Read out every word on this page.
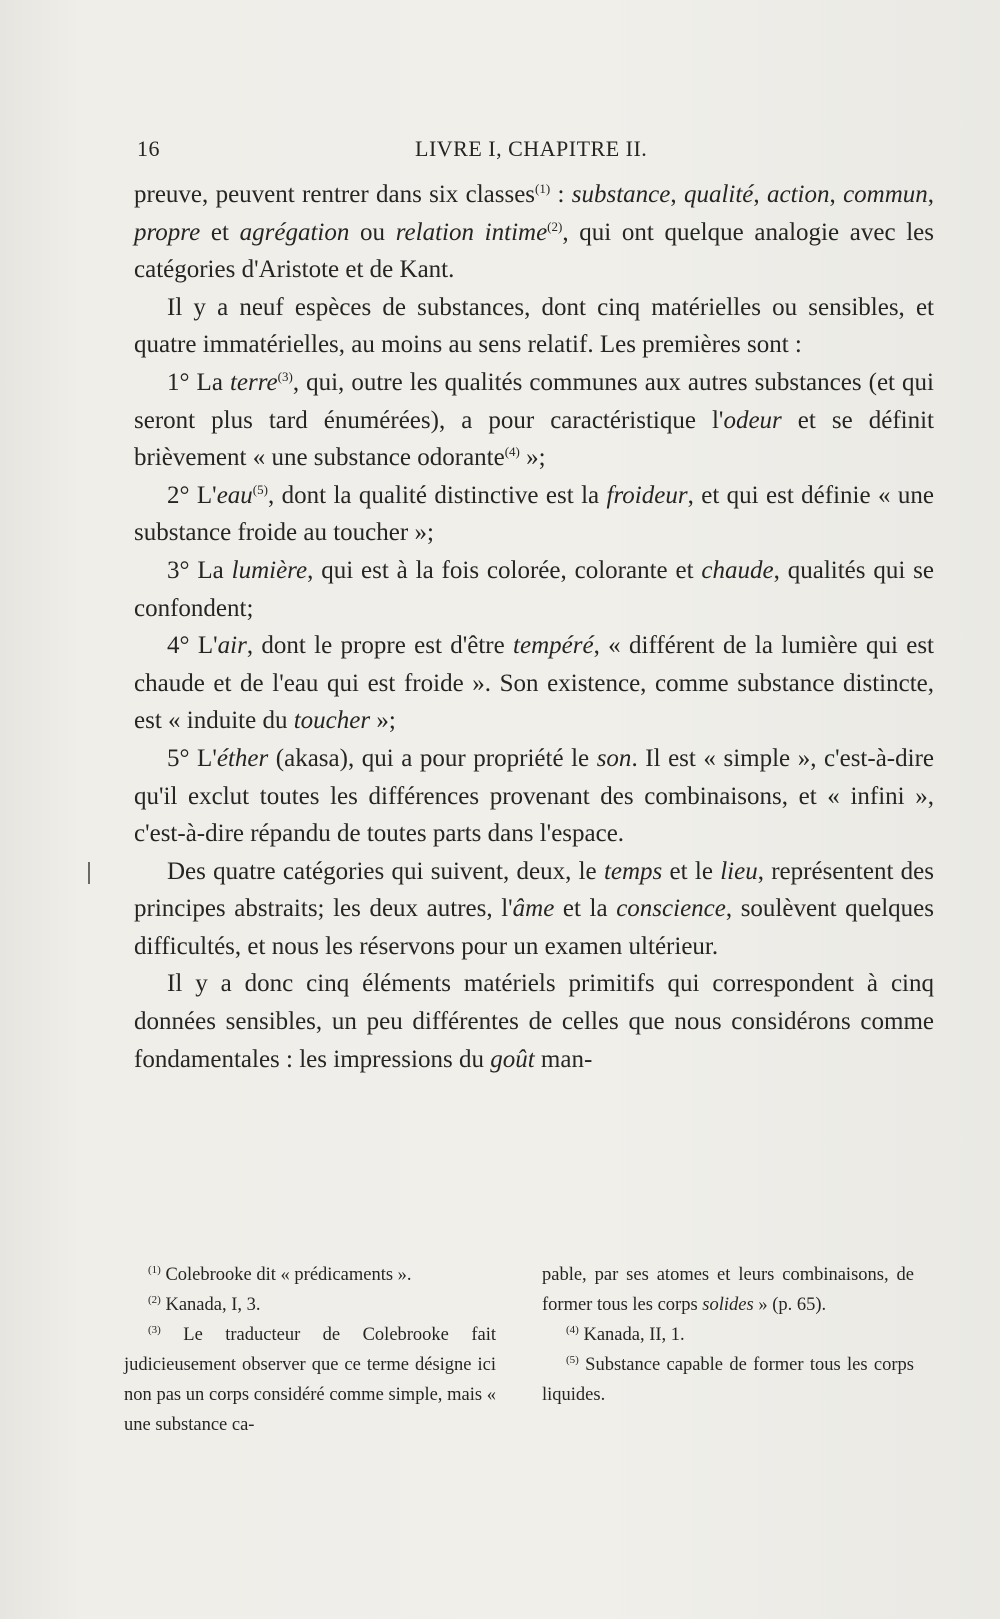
16	LIVRE I, CHAPITRE II.

preuve, peuvent rentrer dans six classes$^{(1)}$ : substance, qualité, action, commun, propre et agrégation ou relation intime$^{(2)}$, qui ont quelque analogie avec les catégories d'Aristote et de Kant.

Il y a neuf espèces de substances, dont cinq matérielles ou sensibles, et quatre immatérielles, au moins au sens relatif. Les premières sont :

1° La terre$^{(3)}$, qui, outre les qualités communes aux autres substances (et qui seront plus tard énumérées), a pour caractéristique l'odeur et se définit brièvement « une substance odorante$^{(4)}$ »;

2° L'eau$^{(5)}$, dont la qualité distinctive est la froideur, et qui est définie « une substance froide au toucher »;

3° La lumière, qui est à la fois colorée, colorante et chaude, qualités qui se confondent;

4° L'air, dont le propre est d'être tempéré, « différent de la lumière qui est chaude et de l'eau qui est froide ». Son existence, comme substance distincte, est « induite du toucher »;

5° L'éther (akasa), qui a pour propriété le son. Il est « simple », c'est-à-dire qu'il exclut toutes les différences provenant des combinaisons, et « infini », c'est-à-dire répandu de toutes parts dans l'espace.

Des quatre catégories qui suivent, deux, le temps et le lieu, représentent des principes abstraits; les deux autres, l'âme et la conscience, soulèvent quelques difficultés, et nous les réservons pour un examen ultérieur.

Il y a donc cinq éléments matériels primitifs qui correspondent à cinq données sensibles, un peu différentes de celles que nous considérons comme fondamentales : les impressions du goût man-

$^{(1)}$ Colebrooke dit « prédicaments ».

$^{(2)}$ Kanada, I, 3.

$^{(3)}$ Le traducteur de Colebrooke fait judicieusement observer que ce terme désigne ici non pas un corps considéré comme simple, mais « une substance ca-

pable, par ses atomes et leurs combinaisons, de former tous les corps solides » (p. 65).

$^{(4)}$ Kanada, II, 1.

$^{(5)}$ Substance capable de former tous les corps liquides.
